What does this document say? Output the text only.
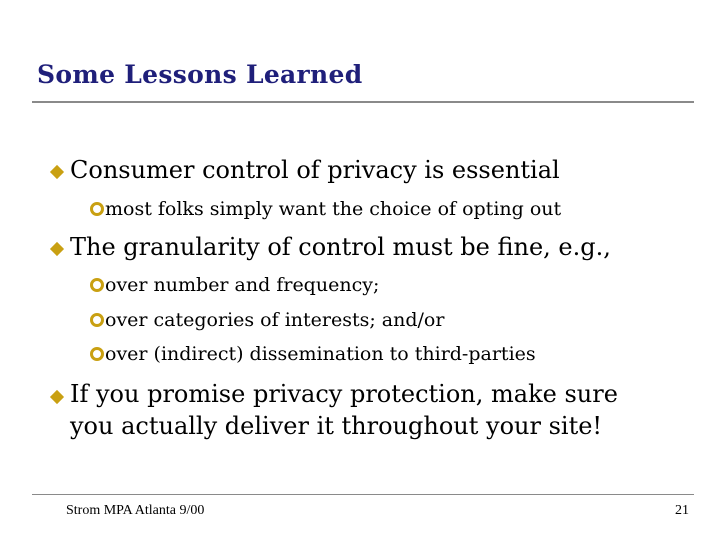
Some Lessons Learned
Consumer control of privacy is essential
most folks simply want the choice of opting out
The granularity of control must be fine, e.g.,
over number and frequency;
over categories of interests; and/or
over (indirect) dissemination to third-parties
If you promise privacy protection, make sure
you actually deliver it throughout your site!
Strom MPA Atlanta 9/00	21
